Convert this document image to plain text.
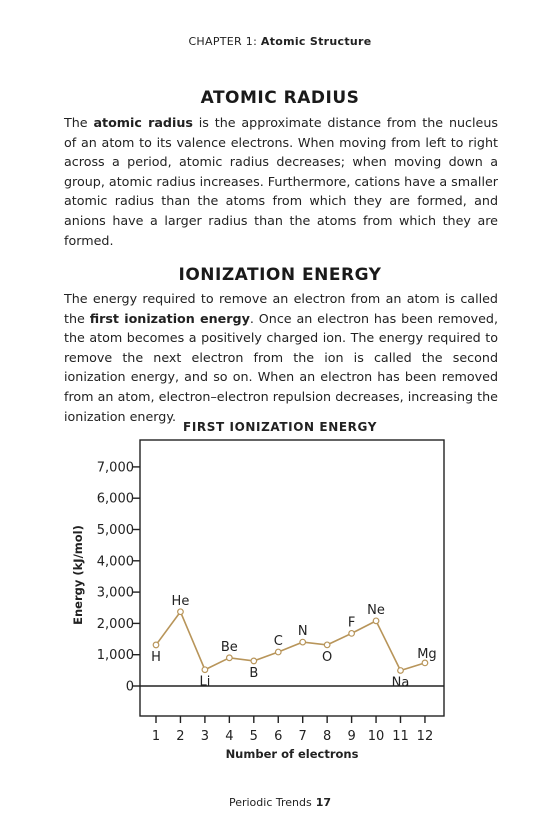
CHAPTER 1: Atomic Structure
ATOMIC RADIUS
The atomic radius is the approximate distance from the nucleus of an atom to its valence electrons. When moving from left to right across a period, atomic radius decreases; when moving down a group, atomic radius increases. Furthermore, cations have a smaller atomic radius than the atoms from which they are formed, and anions have a larger radius than the atoms from which they are formed.
IONIZATION ENERGY
The energy required to remove an electron from an atom is called the first ionization energy. Once an electron has been removed, the atom becomes a positively charged ion. The energy required to remove the next electron from the ion is called the second ionization energy, and so on. When an electron has been removed from an atom, electron–electron repulsion decreases, increasing the ionization energy.
FIRST IONIZATION ENERGY
0
1,000
2,000
3,000
4,000
5,000
6,000
7,000
1 2 3 4 5 6 7 8 9 10 11 12
Number of electrons
Energy (kJ/mol)
H
He
Li
Be
B
C
N
O
F
Ne
Na
Mg
Periodic Trends 17
